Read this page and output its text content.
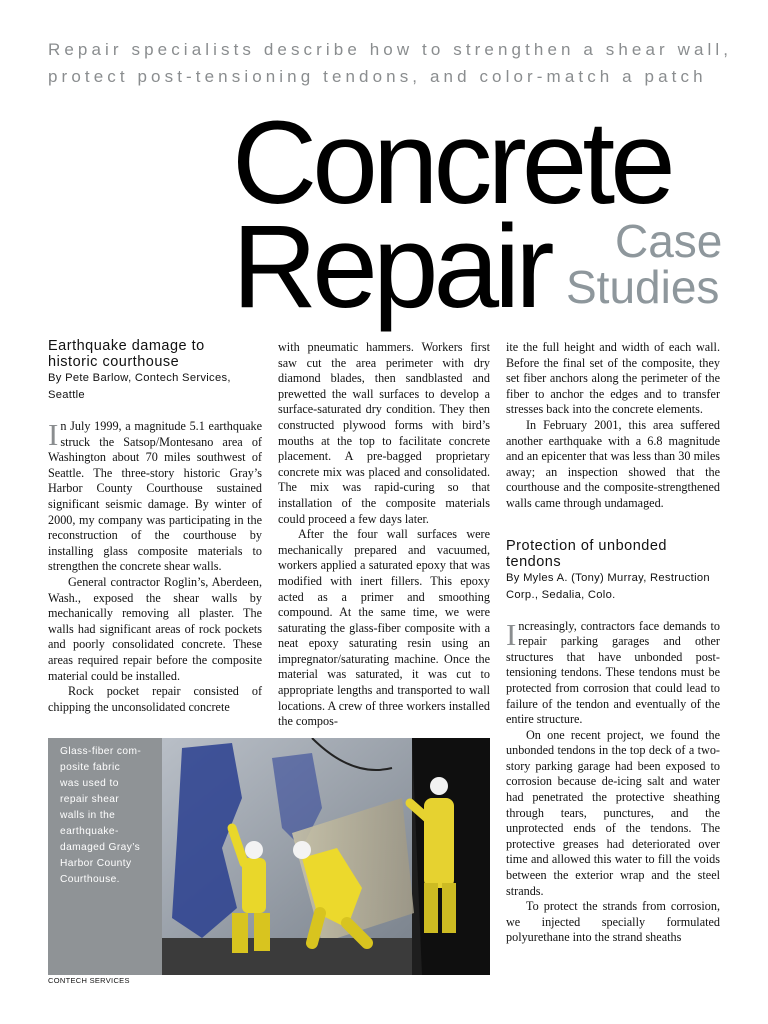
Repair specialists describe how to strengthen a shear wall,
protect post-tensioning tendons, and color-match a patch
Concrete
Repair Case
Studies
Earthquake damage to
historic courthouse
By Pete Barlow, Contech Services,
Seattle

In July 1999, a magnitude 5.1 earthquake struck the Satsop/Montesano area of Washington about 70 miles southwest of Seattle. The three-story historic Gray’s Harbor County Courthouse sustained significant seismic damage. By winter of 2000, my company was participating in the reconstruction of the courthouse by installing glass composite materials to strengthen the concrete shear walls.

General contractor Roglin’s, Aberdeen, Wash., exposed the shear walls by mechanically removing all plaster. The walls had significant areas of rock pockets and poorly consolidated concrete. These areas required repair before the composite material could be installed.

Rock pocket repair consisted of chipping the unconsolidated concrete

with pneumatic hammers. Workers first saw cut the area perimeter with dry diamond blades, then sandblasted and prewetted the wall surfaces to develop a surface-saturated dry condition. They then constructed plywood forms with bird’s mouths at the top to facilitate concrete placement. A pre-bagged proprietary concrete mix was placed and consolidated. The mix was rapid-curing so that installation of the composite materials could proceed a few days later.

After the four wall surfaces were mechanically prepared and vacuumed, workers applied a saturated epoxy that was modified with inert fillers. This epoxy acted as a primer and smoothing compound. At the same time, we were saturating the glass-fiber composite with a neat epoxy saturating resin using an impregnator/saturating machine. Once the material was saturated, it was cut to appropriate lengths and transported to wall locations. A crew of three workers installed the compos-

ite the full height and width of each wall. Before the final set of the composite, they set fiber anchors along the perimeter of the fiber to anchor the edges and to transfer stresses back into the concrete elements.

In February 2001, this area suffered another earthquake with a 6.8 magnitude and an epicenter that was less than 30 miles away; an inspection showed that the courthouse and the composite-strengthened walls came through undamaged.

Protection of unbonded
tendons
By Myles A. (Tony) Murray, Restruction
Corp., Sedalia, Colo.

Increasingly, contractors face demands to repair parking garages and other structures that have unbonded post-tensioning tendons. These tendons must be protected from corrosion that could lead to failure of the tendon and eventually of the entire structure.

On one recent project, we found the unbonded tendons in the top deck of a two-story parking garage had been exposed to corrosion because de-icing salt and water had penetrated the protective sheathing through tears, punctures, and the unprotected ends of the tendons. The protective greases had deteriorated over time and allowed this water to fill the voids between the exterior wrap and the steel strands.

To protect the strands from corrosion, we injected specially formulated polyurethane into the strand sheaths

Glass-fiber com-
posite fabric
was used to
repair shear
walls in the
earthquake-
damaged Gray’s
Harbor County
Courthouse.
CONTECH SERVICES
